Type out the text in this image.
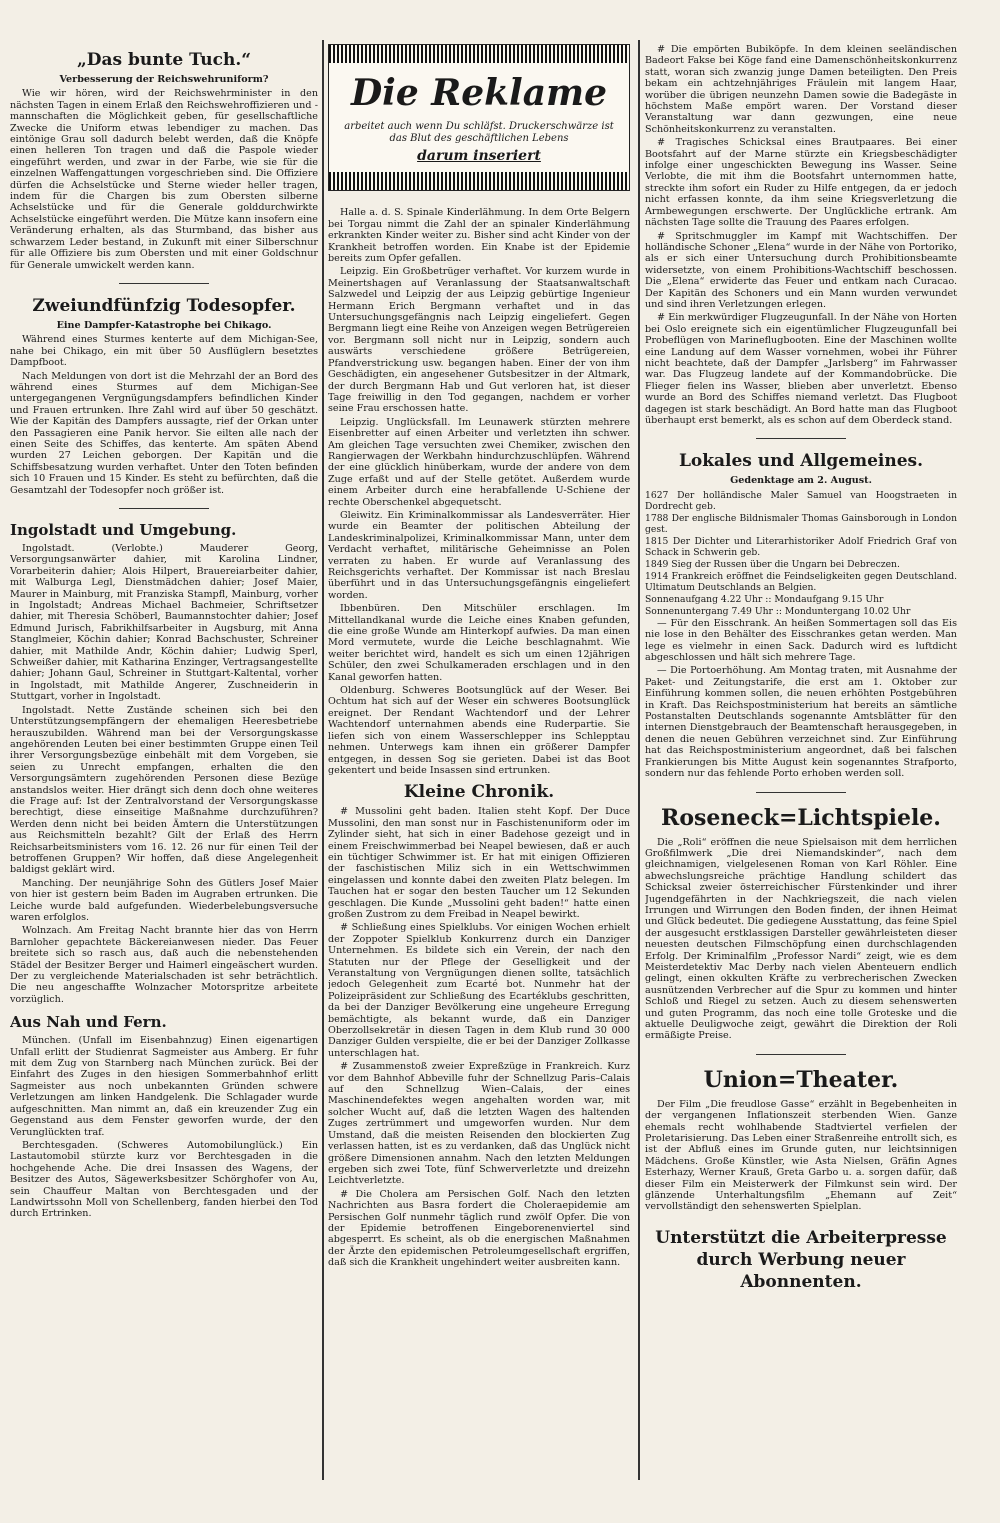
„Das bunte Tuch.“
Verbesserung der Reichswehruniform?

Wie wir hören, wird der Reichswehrminister in den nächsten Tagen in einem Erlaß den Reichswehroffizieren und -mannschaften die Möglichkeit geben, für gesellschaftliche Zwecke die Uniform etwas lebendiger zu machen. Das eintönige Grau soll dadurch belebt werden, daß die Knöpfe einen helleren Ton tragen und daß die Paspole wieder eingeführt werden, und zwar in der Farbe, wie sie für die einzelnen Waffengattungen vorgeschrieben sind. Die Offiziere dürfen die Achselstücke und Sterne wieder heller tragen, indem für die Chargen bis zum Obersten silberne Achselstücke und für die Generale golddurchwirkte Achselstücke eingeführt werden. Die Mütze kann insofern eine Veränderung erhalten, als das Sturmband, das bisher aus schwarzem Leder bestand, in Zukunft mit einer Silberschnur für alle Offiziere bis zum Obersten und mit einer Goldschnur für Generale umwickelt werden kann.

Zweiundfünfzig Todesopfer.
Eine Dampfer-Katastrophe bei Chikago.

Während eines Sturmes kenterte auf dem Michigan-See, nahe bei Chikago, ein mit über 50 Ausflüglern besetztes Dampfboot.

Nach Meldungen von dort ist die Mehrzahl der an Bord des während eines Sturmes auf dem Michigan-See untergegangenen Vergnügungsdampfers befindlichen Kinder und Frauen ertrunken. Ihre Zahl wird auf über 50 geschätzt. Wie der Kapitän des Dampfers aussagte, rief der Orkan unter den Passagieren eine Panik hervor. Sie eilten alle nach der einen Seite des Schiffes, das kenterte. Am späten Abend wurden 27 Leichen geborgen. Der Kapitän und die Schiffsbesatzung wurden verhaftet. Unter den Toten befinden sich 10 Frauen und 15 Kinder. Es steht zu befürchten, daß die Gesamtzahl der Todesopfer noch größer ist.

Ingolstadt und Umgebung.

Ingolstadt. (Verlobte.) Mauderer Georg, Versorgungsanwärter dahier, mit Karolina Lindner, Vorarbeiterin dahier; Alois Hilpert, Brauereiarbeiter dahier, mit Walburga Legl, Dienstmädchen dahier; Josef Maier, Maurer in Mainburg, mit Franziska Stampfl, Mainburg, vorher in Ingolstadt; Andreas Michael Bachmeier, Schriftsetzer dahier, mit Theresia Schöberl, Baumannstochter dahier; Josef Edmund Jurisch, Fabrikhilfsarbeiter in Augsburg, mit Anna Stanglmeier, Köchin dahier; Konrad Bachschuster, Schreiner dahier, mit Mathilde Andr, Köchin dahier; Ludwig Sperl, Schweißer dahier, mit Katharina Enzinger, Vertragsangestellte dahier; Johann Gaul, Schreiner in Stuttgart-Kaltental, vorher in Ingolstadt, mit Mathilde Angerer, Zuschneiderin in Stuttgart, vorher in Ingolstadt.

Ingolstadt. Nette Zustände scheinen sich bei den Unterstützungsempfängern der ehemaligen Heeresbetriebe herauszubilden. Während man bei der Versorgungskasse angehörenden Leuten bei einer bestimmten Gruppe einen Teil ihrer Versorgungsbezüge einbehält mit dem Vorgeben, sie seien zu Unrecht empfangen, erhalten die den Versorgungsämtern zugehörenden Personen diese Bezüge anstandslos weiter. Hier drängt sich denn doch ohne weiteres die Frage auf: Ist der Zentralvorstand der Versorgungskasse berechtigt, diese einseitige Maßnahme durchzuführen? Werden denn nicht bei beiden Ämtern die Unterstützungen aus Reichsmitteln bezahlt? Gilt der Erlaß des Herrn Reichsarbeitsministers vom 16. 12. 26 nur für einen Teil der betroffenen Gruppen? Wir hoffen, daß diese Angelegenheit baldigst geklärt wird.

Manching. Der neunjährige Sohn des Gütlers Josef Maier von hier ist gestern beim Baden im Augraben ertrunken. Die Leiche wurde bald aufgefunden. Wiederbelebungsversuche waren erfolglos.

Wolnzach. Am Freitag Nacht brannte hier das von Herrn Barnloher gepachtete Bäckereianwesen nieder. Das Feuer breitete sich so rasch aus, daß auch die nebenstehenden Städel der Besitzer Berger und Haimerl eingeäschert wurden. Der zu vergleichende Materialschaden ist sehr beträchtlich. Die neu angeschaffte Wolnzacher Motorspritze arbeitete vorzüglich.

Aus Nah und Fern.

München. (Unfall im Eisenbahnzug) Einen eigenartigen Unfall erlitt der Studienrat Sagmeister aus Amberg. Er fuhr mit dem Zug von Starnberg nach München zurück. Bei der Einfahrt des Zuges in den hiesigen Sommerbahnhof erlitt Sagmeister aus noch unbekannten Gründen schwere Verletzungen am linken Handgelenk. Die Schlagader wurde aufgeschnitten. Man nimmt an, daß ein kreuzender Zug ein Gegenstand aus dem Fenster geworfen wurde, der den Verunglückten traf.

Berchtesgaden. (Schweres Automobilunglück.) Ein Lastautomobil stürzte kurz vor Berchtesgaden in die hochgehende Ache. Die drei Insassen des Wagens, der Besitzer des Autos, Sägewerksbesitzer Schörghofer von Au, sein Chauffeur Maltan von Berchtesgaden und der Landwirtssohn Moll von Schellenberg, fanden hierbei den Tod durch Ertrinken.

Die Reklame
arbeitet auch wenn Du schläfst. Druckerschwärze ist das Blut des geschäftlichen Lebens
darum inseriert

Halle a. d. S. Spinale Kinderlähmung. In dem Orte Belgern bei Torgau nimmt die Zahl der an spinaler Kinderlähmung erkrankten Kinder weiter zu. Bisher sind acht Kinder von der Krankheit betroffen worden. Ein Knabe ist der Epidemie bereits zum Opfer gefallen.

Leipzig. Ein Großbetrüger verhaftet. Vor kurzem wurde in Meinertshagen auf Veranlassung der Staatsanwaltschaft Salzwedel und Leipzig der aus Leipzig gebürtige Ingenieur Hermann Erich Bergmann verhaftet und in das Untersuchungsgefängnis nach Leipzig eingeliefert. Gegen Bergmann liegt eine Reihe von Anzeigen wegen Betrügereien vor. Bergmann soll nicht nur in Leipzig, sondern auch auswärts verschiedene größere Betrügereien, Pfandverstrickung usw. begangen haben. Einer der von ihm Geschädigten, ein angesehener Gutsbesitzer in der Altmark, der durch Bergmann Hab und Gut verloren hat, ist dieser Tage freiwillig in den Tod gegangen, nachdem er vorher seine Frau erschossen hatte.

Leipzig. Unglücksfall. Im Leunawerk stürzten mehrere Eisenbretter auf einen Arbeiter und verletzten ihn schwer. Am gleichen Tage versuchten zwei Chemiker, zwischen den Rangierwagen der Werkbahn hindurchzuschlüpfen. Während der eine glücklich hinüberkam, wurde der andere von dem Zuge erfaßt und auf der Stelle getötet. Außerdem wurde einem Arbeiter durch eine herabfallende U-Schiene der rechte Oberschenkel abgequetscht.

Gleiwitz. Ein Kriminalkommissar als Landesverräter. Hier wurde ein Beamter der politischen Abteilung der Landeskriminalpolizei, Kriminalkommissar Mann, unter dem Verdacht verhaftet, militärische Geheimnisse an Polen verraten zu haben. Er wurde auf Veranlassung des Reichsgerichts verhaftet. Der Kommissar ist nach Breslau überführt und in das Untersuchungsgefängnis eingeliefert worden.

Ibbenbüren. Den Mitschüler erschlagen. Im Mittellandkanal wurde die Leiche eines Knaben gefunden, die eine große Wunde am Hinterkopf aufwies. Da man einen Mord vermutete, wurde die Leiche beschlagnahmt. Wie weiter berichtet wird, handelt es sich um einen 12jährigen Schüler, den zwei Schulkameraden erschlagen und in den Kanal geworfen hatten.

Oldenburg. Schweres Bootsunglück auf der Weser. Bei Ochtum hat sich auf der Weser ein schweres Bootsunglück ereignet. Der Rendant Wachtendorf und der Lehrer Wachtendorf unternahmen abends eine Ruderpartie. Sie liefen sich von einem Wasserschlepper ins Schlepptau nehmen. Unterwegs kam ihnen ein größerer Dampfer entgegen, in dessen Sog sie gerieten. Dabei ist das Boot gekentert und beide Insassen sind ertrunken.

Kleine Chronik.

# Mussolini geht baden. Italien steht Kopf. Der Duce Mussolini, den man sonst nur in Faschistenuniform oder im Zylinder sieht, hat sich in einer Badehose gezeigt und in einem Freischwimmerbad bei Neapel bewiesen, daß er auch ein tüchtiger Schwimmer ist. Er hat mit einigen Offizieren der faschistischen Miliz sich in ein Wettschwimmen eingelassen und konnte dabei den zweiten Platz belegen. Im Tauchen hat er sogar den besten Taucher um 12 Sekunden geschlagen. Die Kunde „Mussolini geht baden!“ hatte einen großen Zustrom zu dem Freibad in Neapel bewirkt.

# Schließung eines Spielklubs. Vor einigen Wochen erhielt der Zoppoter Spielklub Konkurrenz durch ein Danziger Unternehmen. Es bildete sich ein Verein, der nach den Statuten nur der Pflege der Geselligkeit und der Veranstaltung von Vergnügungen dienen sollte, tatsächlich jedoch Gelegenheit zum Ecarté bot. Nunmehr hat der Polizeipräsident zur Schließung des Ecartéklubs geschritten, da bei der Danziger Bevölkerung eine ungeheure Erregung bemächtigte, als bekannt wurde, daß ein Danziger Oberzollsekretär in diesen Tagen in dem Klub rund 30 000 Danziger Gulden verspielte, die er bei der Danziger Zollkasse unterschlagen hat.

# Zusammenstoß zweier Expreßzüge in Frankreich. Kurz vor dem Bahnhof Abbeville fuhr der Schnellzug Paris–Calais auf den Schnellzug Wien–Calais, der eines Maschinendefektes wegen angehalten worden war, mit solcher Wucht auf, daß die letzten Wagen des haltenden Zuges zertrümmert und umgeworfen wurden. Nur dem Umstand, daß die meisten Reisenden den blockierten Zug verlassen hatten, ist es zu verdanken, daß das Unglück nicht größere Dimensionen annahm. Nach den letzten Meldungen ergeben sich zwei Tote, fünf Schwerverletzte und dreizehn Leichtverletzte.

# Die Cholera am Persischen Golf. Nach den letzten Nachrichten aus Basra fordert die Choleraepidemie am Persischen Golf nunmehr täglich rund zwölf Opfer. Die von der Epidemie betroffenen Eingeborenenviertel sind abgesperrt. Es scheint, als ob die energischen Maßnahmen der Ärzte den epidemischen Petroleumgesellschaft ergriffen, daß sich die Krankheit ungehindert weiter ausbreiten kann.

# Die empörten Bubiköpfe. In dem kleinen seeländischen Badeort Fakse bei Köge fand eine Damenschönheitskonkurrenz statt, woran sich zwanzig junge Damen beteiligten. Den Preis bekam ein achtzehnjähriges Fräulein mit langem Haar, worüber die übrigen neunzehn Damen sowie die Badegäste in höchstem Maße empört waren. Der Vorstand dieser Veranstaltung war dann gezwungen, eine neue Schönheitskonkurrenz zu veranstalten.

# Tragisches Schicksal eines Brautpaares. Bei einer Bootsfahrt auf der Marne stürzte ein Kriegsbeschädigter infolge einer ungeschickten Bewegung ins Wasser. Seine Verlobte, die mit ihm die Bootsfahrt unternommen hatte, streckte ihm sofort ein Ruder zu Hilfe entgegen, da er jedoch nicht erfassen konnte, da ihm seine Kriegsverletzung die Armbewegungen erschwerte. Der Unglückliche ertrank. Am nächsten Tage sollte die Trauung des Paares erfolgen.

# Spritschmuggler im Kampf mit Wachtschiffen. Der holländische Schoner „Elena“ wurde in der Nähe von Portoriko, als er sich einer Untersuchung durch Prohibitionsbeamte widersetzte, von einem Prohibitions-Wachtschiff beschossen. Die „Elena“ erwiderte das Feuer und entkam nach Curacao. Der Kapitän des Schoners und ein Mann wurden verwundet und sind ihren Verletzungen erlegen.

# Ein merkwürdiger Flugzeugunfall. In der Nähe von Horten bei Oslo ereignete sich ein eigentümlicher Flugzeugunfall bei Probeflügen von Marineflugbooten. Eine der Maschinen wollte eine Landung auf dem Wasser vornehmen, wobei ihr Führer nicht beachtete, daß der Dampfer „Jarlsberg“ im Fahrwasser war. Das Flugzeug landete auf der Kommandobrücke. Die Flieger fielen ins Wasser, blieben aber unverletzt. Ebenso wurde an Bord des Schiffes niemand verletzt. Das Flugboot dagegen ist stark beschädigt. An Bord hatte man das Flugboot überhaupt erst bemerkt, als es schon auf dem Oberdeck stand.

Lokales und Allgemeines.
Gedenktage am 2. August.
1627 Der holländische Maler Samuel van Hoogstraeten in Dordrecht geb.
1788 Der englische Bildnismaler Thomas Gainsborough in London gest.
1815 Der Dichter und Literarhistoriker Adolf Friedrich Graf von Schack in Schwerin geb.
1849 Sieg der Russen über die Ungarn bei Debreczen.
1914 Frankreich eröffnet die Feindseligkeiten gegen Deutschland. Ultimatum Deutschlands an Belgien.
Sonnenaufgang 4.22 Uhr :: Mondaufgang 9.15 Uhr
Sonnenuntergang 7.49 Uhr :: Monduntergang 10.02 Uhr

— Für den Eisschrank. An heißen Sommertagen soll das Eis nie lose in den Behälter des Eisschrankes getan werden. Man lege es vielmehr in einen Sack. Dadurch wird es luftdicht abgeschlossen und hält sich mehrere Tage.

— Die Portoerhöhung. Am Montag traten, mit Ausnahme der Paket- und Zeitungstarife, die erst am 1. Oktober zur Einführung kommen sollen, die neuen erhöhten Postgebühren in Kraft. Das Reichspostministerium hat bereits an sämtliche Postanstalten Deutschlands sogenannte Amtsblätter für den internen Dienstgebrauch der Beamtenschaft herausgegeben, in denen die neuen Gebühren verzeichnet sind. Zur Einführung hat das Reichspostministerium angeordnet, daß bei falschen Frankierungen bis Mitte August kein sogenanntes Strafporto, sondern nur das fehlende Porto erhoben werden soll.

Roseneck=Lichtspiele.

Die „Roli“ eröffnen die neue Spielsaison mit dem herrlichen Großfilmwerk „Die drei Niemandskinder“, nach dem gleichnamigen, vielgelesenen Roman von Karl Röhler. Eine abwechslungsreiche prächtige Handlung schildert das Schicksal zweier österreichischer Fürstenkinder und ihrer Jugendgefährten in der Nachkriegszeit, die nach vielen Irrungen und Wirrungen den Boden finden, der ihnen Heimat und Glück bedeutet. Die gediegene Ausstattung, das feine Spiel der ausgesucht erstklassigen Darsteller gewährleisteten dieser neuesten deutschen Filmschöpfung einen durchschlagenden Erfolg. Der Kriminalfilm „Professor Nardi“ zeigt, wie es dem Meisterdetektiv Mac Derby nach vielen Abenteuern endlich gelingt, einen okkulten Kräfte zu verbrecherischen Zwecken ausnützenden Verbrecher auf die Spur zu kommen und hinter Schloß und Riegel zu setzen. Auch zu diesem sehenswerten und guten Programm, das noch eine tolle Groteske und die aktuelle Deuligwoche zeigt, gewährt die Direktion der Roli ermäßigte Preise.

Union=Theater.

Der Film „Die freudlose Gasse“ erzählt in Begebenheiten in der vergangenen Inflationszeit sterbenden Wien. Ganze ehemals recht wohlhabende Stadtviertel verfielen der Proletarisierung. Das Leben einer Straßenreihe entrollt sich, es ist der Abfluß eines im Grunde guten, nur leichtsinnigen Mädchens. Große Künstler, wie Asta Nielsen, Gräfin Agnes Esterhazy, Werner Krauß, Greta Garbo u. a. sorgen dafür, daß dieser Film ein Meisterwerk der Filmkunst sein wird. Der glänzende Unterhaltungsfilm „Ehemann auf Zeit“ vervollständigt den sehenswerten Spielplan.

Unterstützt die Arbeiterpresse durch Werbung neuer Abonnenten.
